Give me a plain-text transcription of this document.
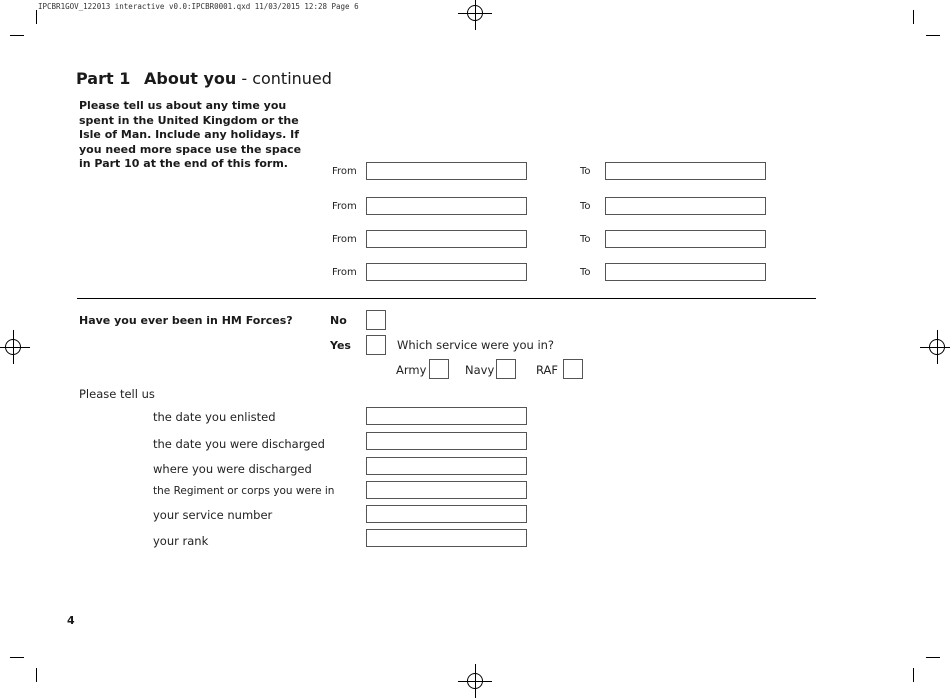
IPCBR1GOV_122013 interactive v0.0:IPCBR0001.qxd 11/03/2015 12:28 Page 6
Part 1 About you - continued
Please tell us about any time you spent in the United Kingdom or the Isle of Man. Include any holidays. If you need more space use the space in Part 10 at the end of this form.
From	To
From	To
From	To
From	To
Have you ever been in HM Forces?	No
Yes	Which service were you in?
Army	Navy	RAF
Please tell us
the date you enlisted
the date you were discharged
where you were discharged
the Regiment or corps you were in
your service number
your rank
4
